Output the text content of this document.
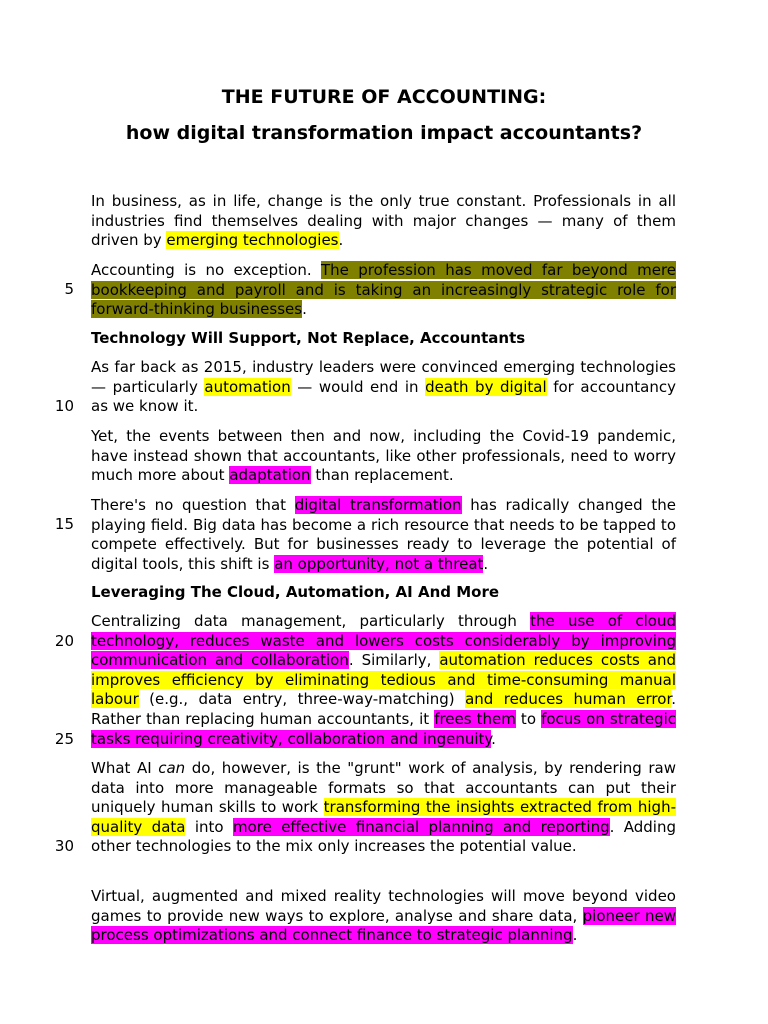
THE FUTURE OF ACCOUNTING:
how digital transformation impact accountants?
5
10
15
20
25
30
In business, as in life, change is the only true constant. Professionals in all industries find themselves dealing with major changes — many of them driven by emerging technologies.
Accounting is no exception. The profession has moved far beyond mere bookkeeping and payroll and is taking an increasingly strategic role for forward-thinking businesses.
Technology Will Support, Not Replace, Accountants
As far back as 2015, industry leaders were convinced emerging technologies — particularly automation — would end in death by digital for accountancy as we know it.
Yet, the events between then and now, including the Covid-19 pandemic, have instead shown that accountants, like other professionals, need to worry much more about adaptation than replacement.
There's no question that digital transformation has radically changed the playing field. Big data has become a rich resource that needs to be tapped to compete effectively. But for businesses ready to leverage the potential of digital tools, this shift is an opportunity, not a threat.
Leveraging The Cloud, Automation, AI And More
Centralizing data management, particularly through the use of cloud technology, reduces waste and lowers costs considerably by improving communication and collaboration. Similarly, automation reduces costs and improves efficiency by eliminating tedious and time-consuming manual labour (e.g., data entry, three-way-matching) and reduces human error. Rather than replacing human accountants, it frees them to focus on strategic tasks requiring creativity, collaboration and ingenuity.
What AI can do, however, is the "grunt" work of analysis, by rendering raw data into more manageable formats so that accountants can put their uniquely human skills to work transforming the insights extracted from high-quality data into more effective financial planning and reporting. Adding other technologies to the mix only increases the potential value.
Virtual, augmented and mixed reality technologies will move beyond video games to provide new ways to explore, analyse and share data, pioneer new process optimizations and connect finance to strategic planning.
